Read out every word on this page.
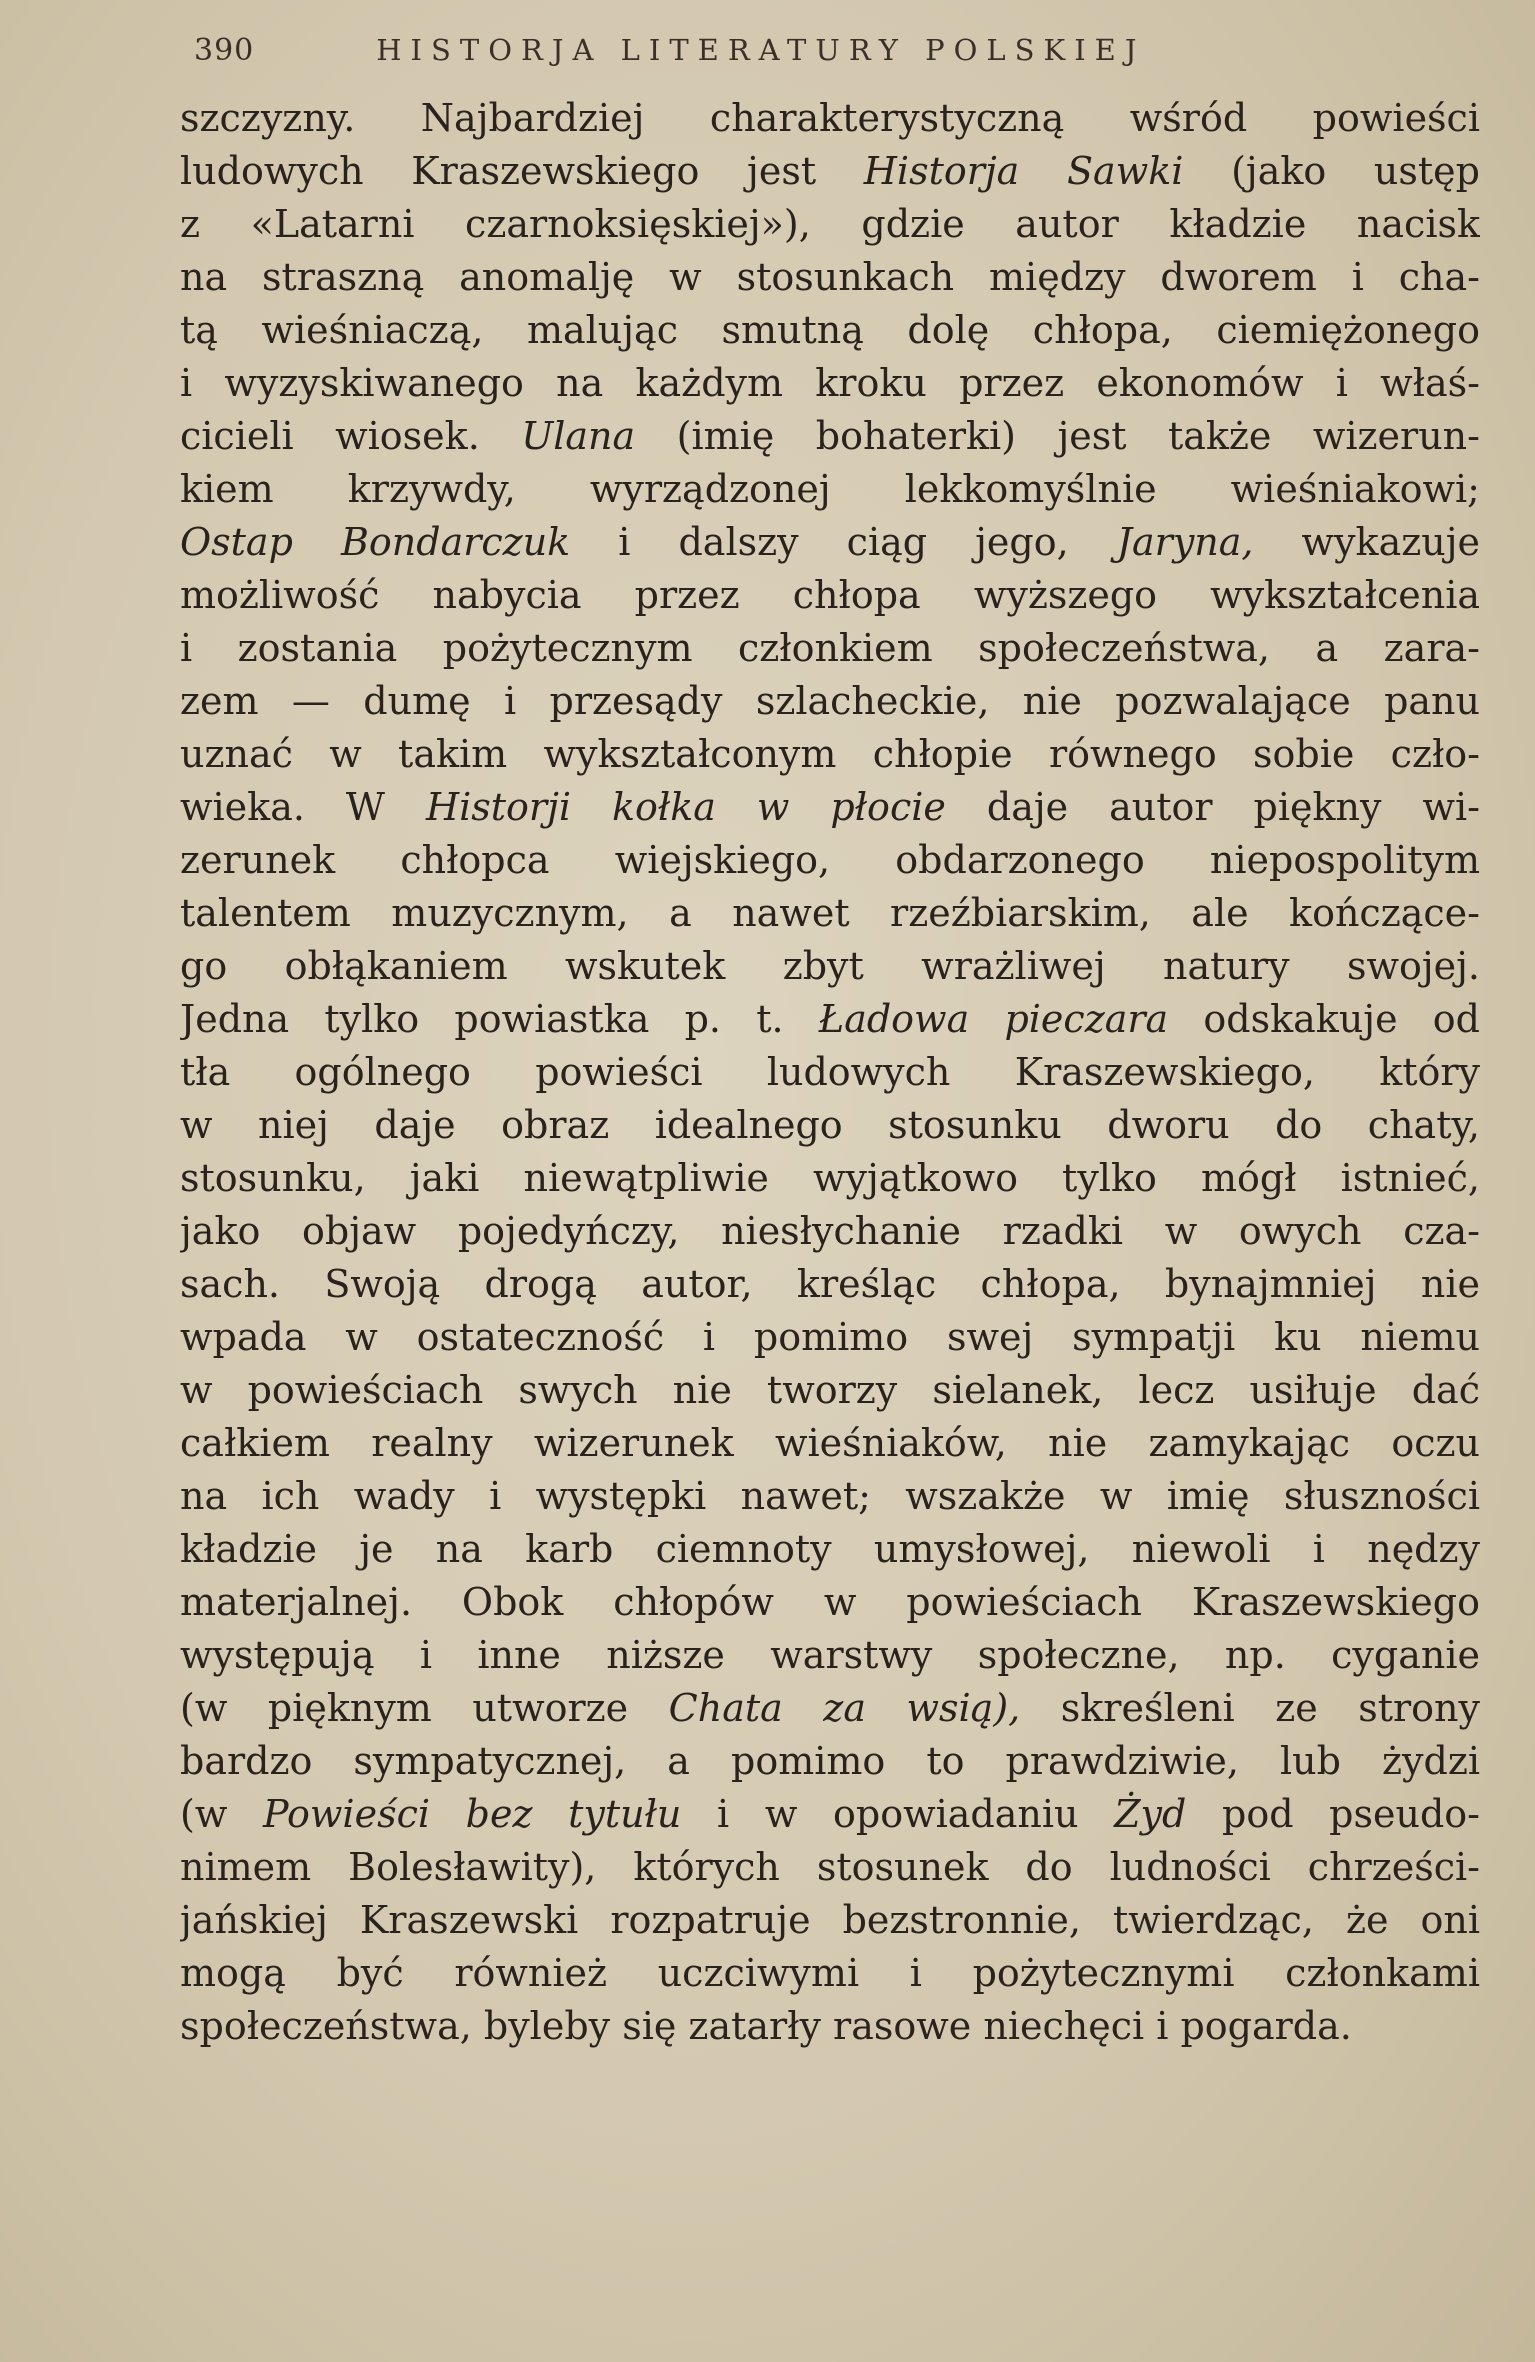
390	HISTORJA LITERATURY POLSKIEJ
szczyzny. Najbardziej charakterystyczną wśród powieści
ludowych Kraszewskiego jest Historja Sawki (jako ustęp
z «Latarni czarnoksięskiej»), gdzie autor kładzie nacisk
na straszną anomalję w stosunkach między dworem i cha-
tą wieśniaczą, malując smutną dolę chłopa, ciemiężonego
i wyzyskiwanego na każdym kroku przez ekonomów i właś-
cicieli wiosek. Ulana (imię bohaterki) jest także wizerun-
kiem krzywdy, wyrządzonej lekkomyślnie wieśniakowi;
Ostap Bondarczuk i dalszy ciąg jego, Jaryna, wykazuje
możliwość nabycia przez chłopa wyższego wykształcenia
i zostania pożytecznym członkiem społeczeństwa, a zara-
zem — dumę i przesądy szlacheckie, nie pozwalające panu
uznać w takim wykształconym chłopie równego sobie czło-
wieka. W Historji kołka w płocie daje autor piękny wi-
zerunek chłopca wiejskiego, obdarzonego niepospolitym
talentem muzycznym, a nawet rzeźbiarskim, ale kończące-
go obłąkaniem wskutek zbyt wrażliwej natury swojej.
Jedna tylko powiastka p. t. Ładowa pieczara odskakuje od
tła ogólnego powieści ludowych Kraszewskiego, który
w niej daje obraz idealnego stosunku dworu do chaty,
stosunku, jaki niewątpliwie wyjątkowo tylko mógł istnieć,
jako objaw pojedyńczy, niesłychanie rzadki w owych cza-
sach. Swoją drogą autor, kreśląc chłopa, bynajmniej nie
wpada w ostateczność i pomimo swej sympatji ku niemu
w powieściach swych nie tworzy sielanek, lecz usiłuje dać
całkiem realny wizerunek wieśniaków, nie zamykając oczu
na ich wady i występki nawet; wszakże w imię słuszności
kładzie je na karb ciemnoty umysłowej, niewoli i nędzy
materjalnej. Obok chłopów w powieściach Kraszewskiego
występują i inne niższe warstwy społeczne, np. cyganie
(w pięknym utworze Chata za wsią), skreśleni ze strony
bardzo sympatycznej, a pomimo to prawdziwie, lub żydzi
(w Powieści bez tytułu i w opowiadaniu Żyd pod pseudo-
nimem Bolesławity), których stosunek do ludności chrześci-
jańskiej Kraszewski rozpatruje bezstronnie, twierdząc, że oni
mogą być również uczciwymi i pożytecznymi członkami
społeczeństwa, byleby się zatarły rasowe niechęci i pogarda.
